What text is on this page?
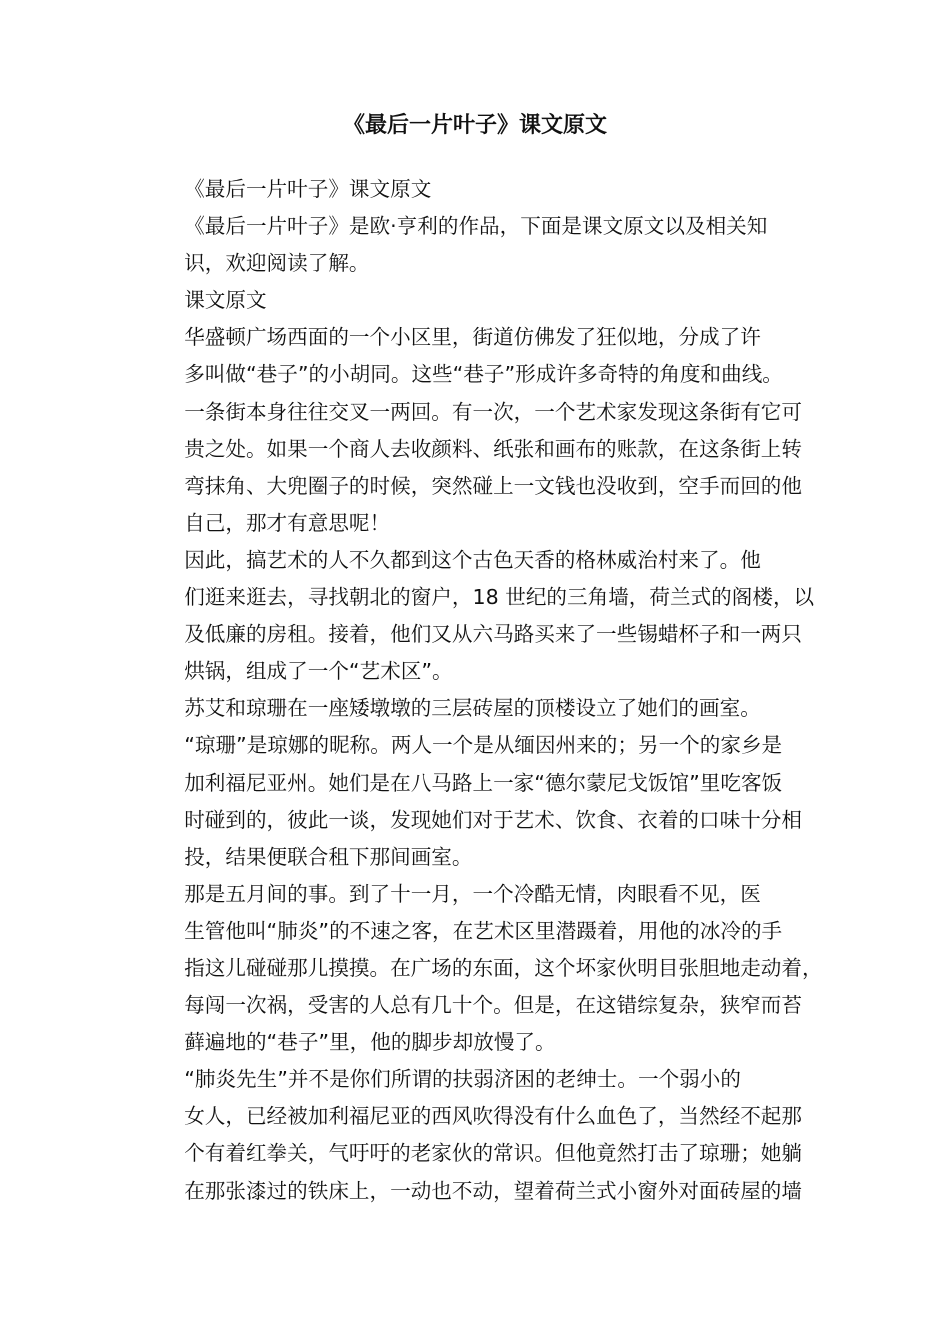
《最后一片叶子》课文原文

《最后一片叶子》课文原文

《最后一片叶子》是欧·亨利的作品，下面是课文原文以及相关知
识，欢迎阅读了解。

课文原文

华盛顿广场西面的一个小区里，街道仿佛发了狂似地，分成了许
多叫做“巷子”的小胡同。这些“巷子”形成许多奇特的角度和曲线。
一条街本身往往交叉一两回。有一次，一个艺术家发现这条街有它可
贵之处。如果一个商人去收颜料、纸张和画布的账款，在这条街上转
弯抹角、大兜圈子的时候，突然碰上一文钱也没收到，空手而回的他
自己，那才有意思呢！

因此，搞艺术的人不久都到这个古色天香的格林威治村来了。他
们逛来逛去，寻找朝北的窗户，18 世纪的三角墙，荷兰式的阁楼，以
及低廉的房租。接着，他们又从六马路买来了一些锡蜡杯子和一两只
烘锅，组成了一个“艺术区”。

苏艾和琼珊在一座矮墩墩的三层砖屋的顶楼设立了她们的画室。
“琼珊”是琼娜的昵称。两人一个是从缅因州来的；另一个的家乡是
加利福尼亚州。她们是在八马路上一家“德尔蒙尼戈饭馆”里吃客饭
时碰到的，彼此一谈，发现她们对于艺术、饮食、衣着的口味十分相
投，结果便联合租下那间画室。

那是五月间的事。到了十一月，一个冷酷无情，肉眼看不见，医
生管他叫“肺炎”的不速之客，在艺术区里潜蹑着，用他的冰冷的手
指这儿碰碰那儿摸摸。在广场的东面，这个坏家伙明目张胆地走动着，
每闯一次祸，受害的人总有几十个。但是，在这错综复杂，狭窄而苔
藓遍地的“巷子”里，他的脚步却放慢了。

“肺炎先生”并不是你们所谓的扶弱济困的老绅士。一个弱小的
女人，已经被加利福尼亚的西风吹得没有什么血色了，当然经不起那
个有着红拳关，气吁吁的老家伙的常识。但他竟然打击了琼珊；她躺
在那张漆过的铁床上，一动也不动，望着荷兰式小窗外对面砖屋的墙
